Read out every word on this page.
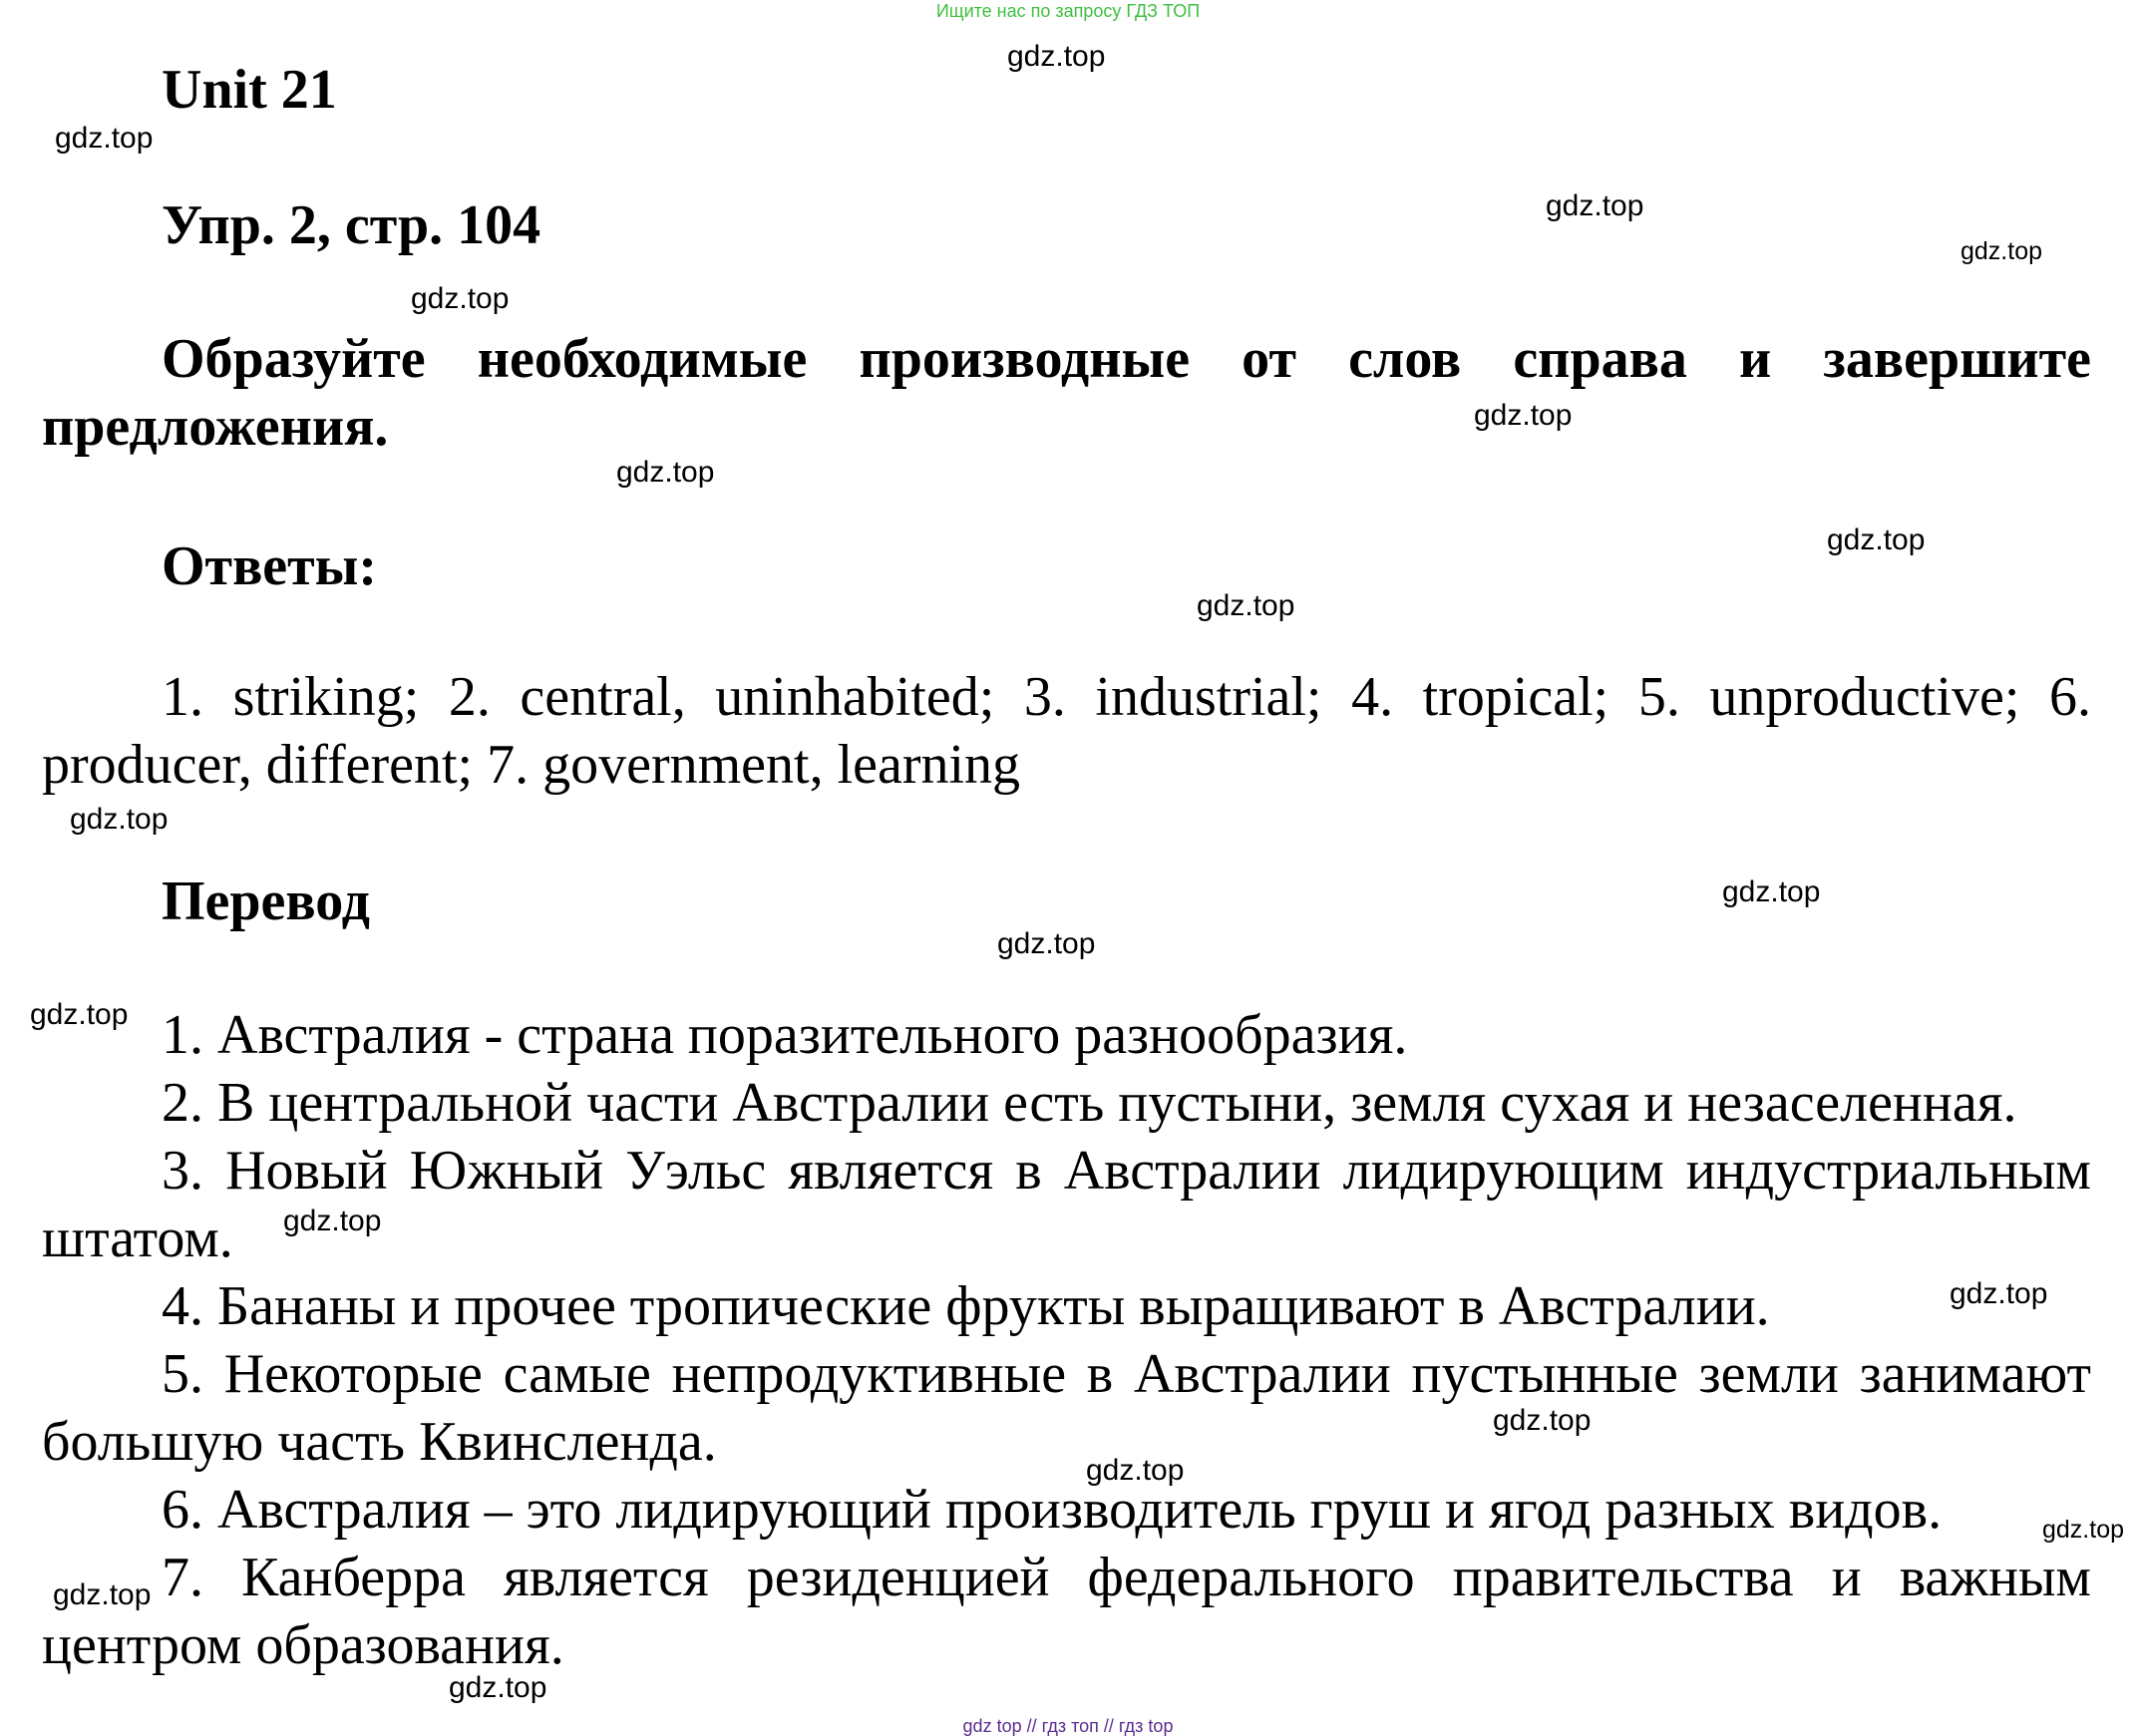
Ищите нас по запросу ГДЗ ТОП
Unit 21
Упр. 2, стр. 104
Образуйте необходимые производные от слов справа и завершите предложения.
Ответы:
1. striking; 2. central, uninhabited; 3. industrial; 4. tropical; 5. unproductive; 6. producer, different; 7. government, learning
Перевод
1. Австралия - страна поразительного разнообразия.
2. В центральной части Австралии есть пустыни, земля сухая и незаселенная.
3. Новый Южный Уэльс является в Австралии лидирующим индустриальным штатом.
4. Бананы и прочее тропические фрукты выращивают в Австралии.
5. Некоторые самые непродуктивные в Австралии пустынные земли занимают большую часть Квинсленда.
6. Австралия – это лидирующий производитель груш и ягод разных видов.
7. Канберра является резиденцией федерального правительства и важным центром образования.
gdz.top
gdz.top
gdz.top
gdz.top
gdz.top
gdz.top
gdz.top
gdz.top
gdz.top
gdz.top
gdz.top
gdz.top
gdz.top
gdz.top
gdz.top
gdz.top
gdz.top
gdz.top
gdz.top
gdz.top
gdz top // гдз топ // гдз top
